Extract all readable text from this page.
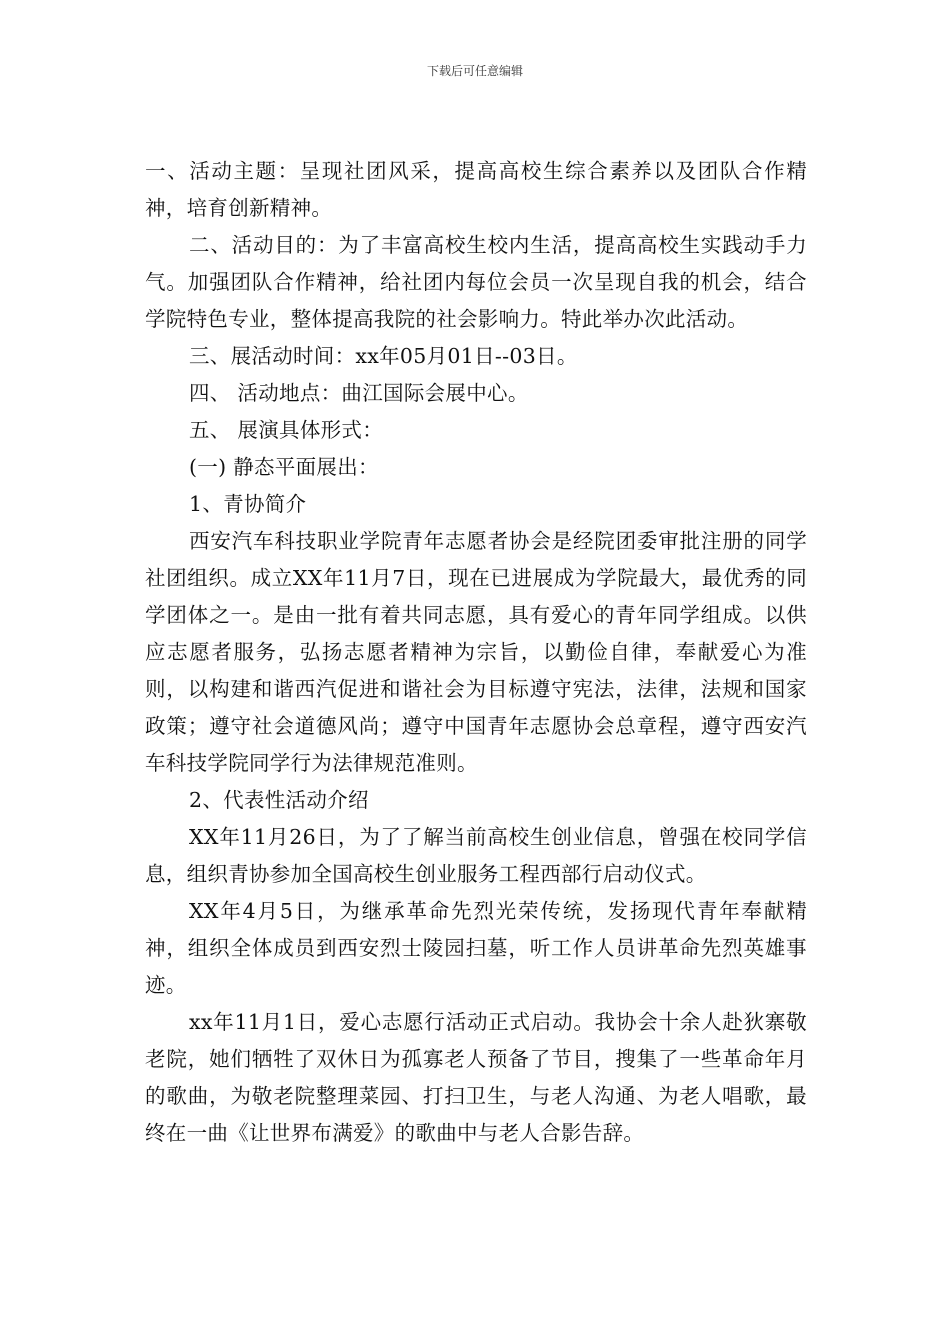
下载后可任意编辑

一、活动主题：呈现社团风采，提高高校生综合素养以及团队合作精神，培育创新精神。

二、活动目的：为了丰富高校生校内生活，提高高校生实践动手力气。加强团队合作精神，给社团内每位会员一次呈现自我的机会，结合学院特色专业，整体提高我院的社会影响力。特此举办次此活动。

三、展活动时间：xx年05月01日--03日。

四、 活动地点：曲江国际会展中心。

五、 展演具体形式：

(一) 静态平面展出：

1、青协简介

西安汽车科技职业学院青年志愿者协会是经院团委审批注册的同学社团组织。成立XX年11月7日，现在已进展成为学院最大，最优秀的同学团体之一。是由一批有着共同志愿，具有爱心的青年同学组成。以供应志愿者服务，弘扬志愿者精神为宗旨，以勤俭自律，奉献爱心为准则，以构建和谐西汽促进和谐社会为目标遵守宪法，法律，法规和国家政策；遵守社会道德风尚；遵守中国青年志愿协会总章程，遵守西安汽车科技学院同学行为法律规范准则。

2、代表性活动介绍

XX年11月26日，为了了解当前高校生创业信息，曾强在校同学信息，组织青协参加全国高校生创业服务工程西部行启动仪式。

XX年4月5日，为继承革命先烈光荣传统，发扬现代青年奉献精神，组织全体成员到西安烈士陵园扫墓，听工作人员讲革命先烈英雄事迹。

xx年11月1日，爱心志愿行活动正式启动。我协会十余人赴狄寨敬老院，她们牺牲了双休日为孤寡老人预备了节目，搜集了一些革命年月的歌曲，为敬老院整理菜园、打扫卫生，与老人沟通、为老人唱歌，最终在一曲《让世界布满爱》的歌曲中与老人合影告辞。
